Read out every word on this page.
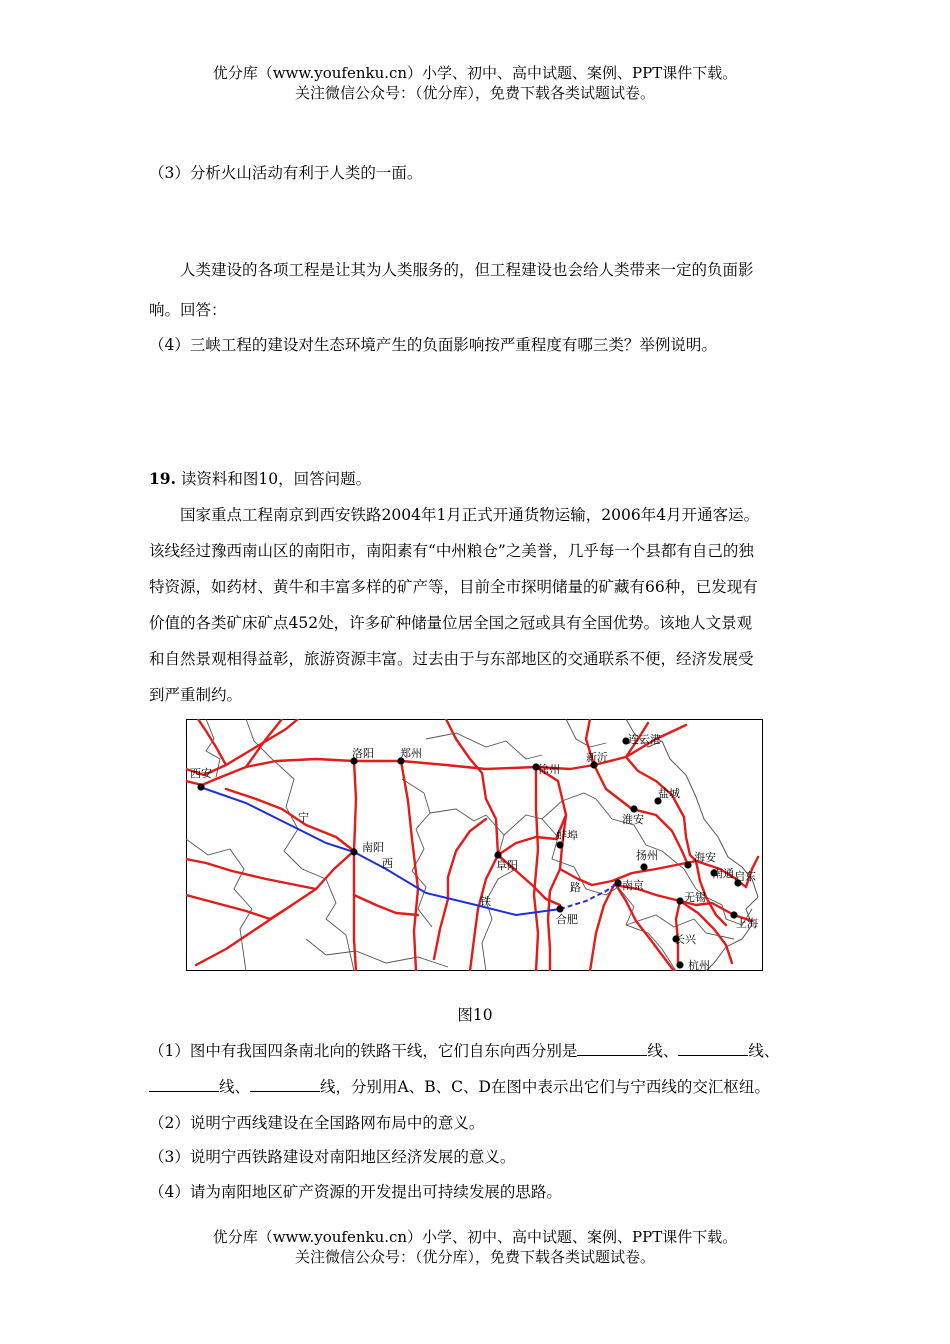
优分库（www.youfenku.cn）小学、初中、高中试题、案例、PPT课件下载。
关注微信公众号：（优分库），免费下载各类试题试卷。
（3）分析火山活动有利于人类的一面。
人类建设的各项工程是让其为人类服务的，但工程建设也会给人类带来一定的负面影
响。回答：
（4）三峡工程的建设对生态环境产生的负面影响按严重程度有哪三类？举例说明。
19. 读资料和图10，回答问题。
国家重点工程南京到西安铁路2004年1月正式开通货物运输，2006年4月开通客运。
该线经过豫西南山区的南阳市，南阳素有“中州粮仓”之美誉，几乎每一个县都有自己的独
特资源，如药材、黄牛和丰富多样的矿产等，目前全市探明储量的矿藏有66种，已发现有
价值的各类矿床矿点452处，许多矿种储量位居全国之冠或具有全国优势。该地人文景观
和自然景观相得益彰，旅游资源丰富。过去由于与东部地区的交通联系不便，经济发展受
到严重制约。
西安
洛阳 郑州
南阳
阜阳
蚌埠
徐州
新沂
连云港
盐城
淮安
扬州	海安
南通 启东
南京
合肥
无锡
上海
长兴
杭州
宁
西
铁
路
图10
（1）图中有我国四条南北向的铁路干线，它们自东向西分别是	线、	线、
线、	线，分别用A、B、C、D在图中表示出它们与宁西线的交汇枢纽。
（2）说明宁西线建设在全国路网布局中的意义。
（3）说明宁西铁路建设对南阳地区经济发展的意义。
（4）请为南阳地区矿产资源的开发提出可持续发展的思路。
优分库（www.youfenku.cn）小学、初中、高中试题、案例、PPT课件下载。
关注微信公众号：（优分库），免费下载各类试题试卷。
